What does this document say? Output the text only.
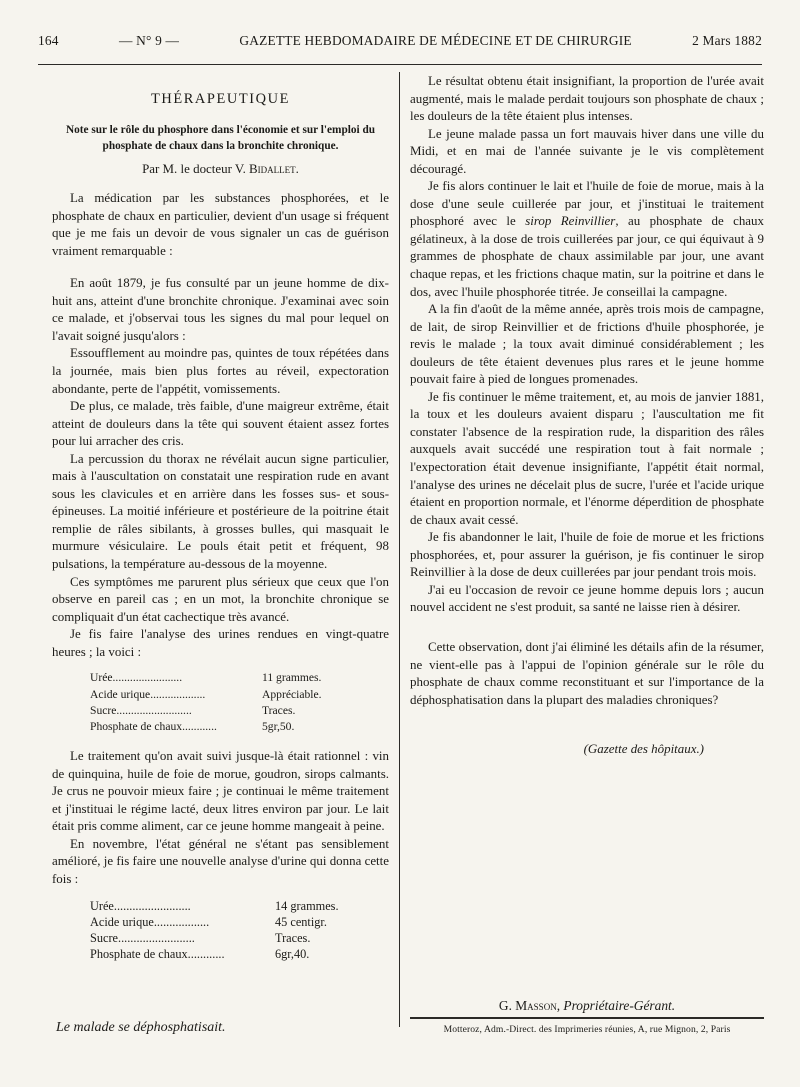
164	— N° 9 —	GAZETTE HEBDOMADAIRE DE MÉDECINE ET DE CHIRURGIE	2 Mars 1882
THÉRAPEUTIQUE
Note sur le rôle du phosphore dans l'économie et sur l'emploi du phosphate de chaux dans la bronchite chronique.
Par M. le docteur V. Bidallet.

La médication par les substances phosphorées, et le phosphate de chaux en particulier, devient d'un usage si fréquent que je me fais un devoir de vous signaler un cas de guérison vraiment remarquable :

En août 1879, je fus consulté par un jeune homme de dix-huit ans, atteint d'une bronchite chronique. J'examinai avec soin ce malade, et j'observai tous les signes du mal pour lequel on l'avait soigné jusqu'alors :

Essoufflement au moindre pas, quintes de toux répétées dans la journée, mais bien plus fortes au réveil, expectoration abondante, perte de l'appétit, vomissements.

De plus, ce malade, très faible, d'une maigreur extrême, était atteint de douleurs dans la tête qui souvent étaient assez fortes pour lui arracher des cris.

La percussion du thorax ne révélait aucun signe particulier, mais à l'auscultation on constatait une respiration rude en avant sous les clavicules et en arrière dans les fosses sus- et sous-épineuses. La moitié inférieure et postérieure de la poitrine était remplie de râles sibilants, à grosses bulles, qui masquait le murmure vésiculaire. Le pouls était petit et fréquent, 98 pulsations, la température au-dessous de la moyenne.

Ces symptômes me parurent plus sérieux que ceux que l'on observe en pareil cas ; en un mot, la bronchite chronique se compliquait d'un état cachectique très avancé.

Je fis faire l'analyse des urines rendues en vingt-quatre heures ; la voici :

Urée........................	11 grammes.
Acide urique...................	Appréciable.
Sucre..........................	Traces.
Phosphate de chaux............	5gr,50.

Le traitement qu'on avait suivi jusque-là était rationnel : vin de quinquina, huile de foie de morue, goudron, sirops calmants. Je crus ne pouvoir mieux faire ; je continuai le même traitement et j'instituai le régime lacté, deux litres environ par jour. Le lait était pris comme aliment, car ce jeune homme mangeait à peine.

En novembre, l'état général ne s'étant pas sensiblement amélioré, je fis faire une nouvelle analyse d'urine qui donna cette fois :

Urée.........................	14 grammes.
Acide urique..................	45 centigr.
Sucre.........................	Traces.
Phosphate de chaux............	6gr,40.

Le résultat obtenu était insignifiant, la proportion de l'urée avait augmenté, mais le malade perdait toujours son phosphate de chaux ; les douleurs de la tête étaient plus intenses.

Le jeune malade passa un fort mauvais hiver dans une ville du Midi, et en mai de l'année suivante je le vis complètement découragé.

Je fis alors continuer le lait et l'huile de foie de morue, mais à la dose d'une seule cuillerée par jour, et j'instituai le traitement phosphoré avec le sirop Reinvillier, au phosphate de chaux gélatineux, à la dose de trois cuillerées par jour, ce qui équivaut à 9 grammes de phosphate de chaux assimilable par jour, une avant chaque repas, et les frictions chaque matin, sur la poitrine et dans le dos, avec l'huile phosphorée titrée. Je conseillai la campagne.

A la fin d'août de la même année, après trois mois de campagne, de lait, de sirop Reinvillier et de frictions d'huile phosphorée, je revis le malade ; la toux avait diminué considérablement ; les douleurs de tête étaient devenues plus rares et le jeune homme pouvait faire à pied de longues promenades.

Je fis continuer le même traitement, et, au mois de janvier 1881, la toux et les douleurs avaient disparu ; l'auscultation me fit constater l'absence de la respiration rude, la disparition des râles auxquels avait succédé une respiration tout à fait normale ; l'expectoration était devenue insignifiante, l'appétit était normal, l'analyse des urines ne décelait plus de sucre, l'urée et l'acide urique étaient en proportion normale, et l'énorme déperdition de phosphate de chaux avait cessé.

Je fis abandonner le lait, l'huile de foie de morue et les frictions phosphorées, et, pour assurer la guérison, je fis continuer le sirop Reinvillier à la dose de deux cuillerées par jour pendant trois mois.

J'ai eu l'occasion de revoir ce jeune homme depuis lors ; aucun nouvel accident ne s'est produit, sa santé ne laisse rien à désirer.

Cette observation, dont j'ai éliminé les détails afin de la résumer, ne vient-elle pas à l'appui de l'opinion générale sur le rôle du phosphate de chaux comme reconstituant et sur l'importance de la déphosphatisation dans la plupart des maladies chroniques?

(Gazette des hôpitaux.)
Le malade se déphosphatisait.
G. Masson, Propriétaire-Gérant.
Motteroz, Adm.-Direct. des Imprimeries réunies, A, rue Mignon, 2, Paris
